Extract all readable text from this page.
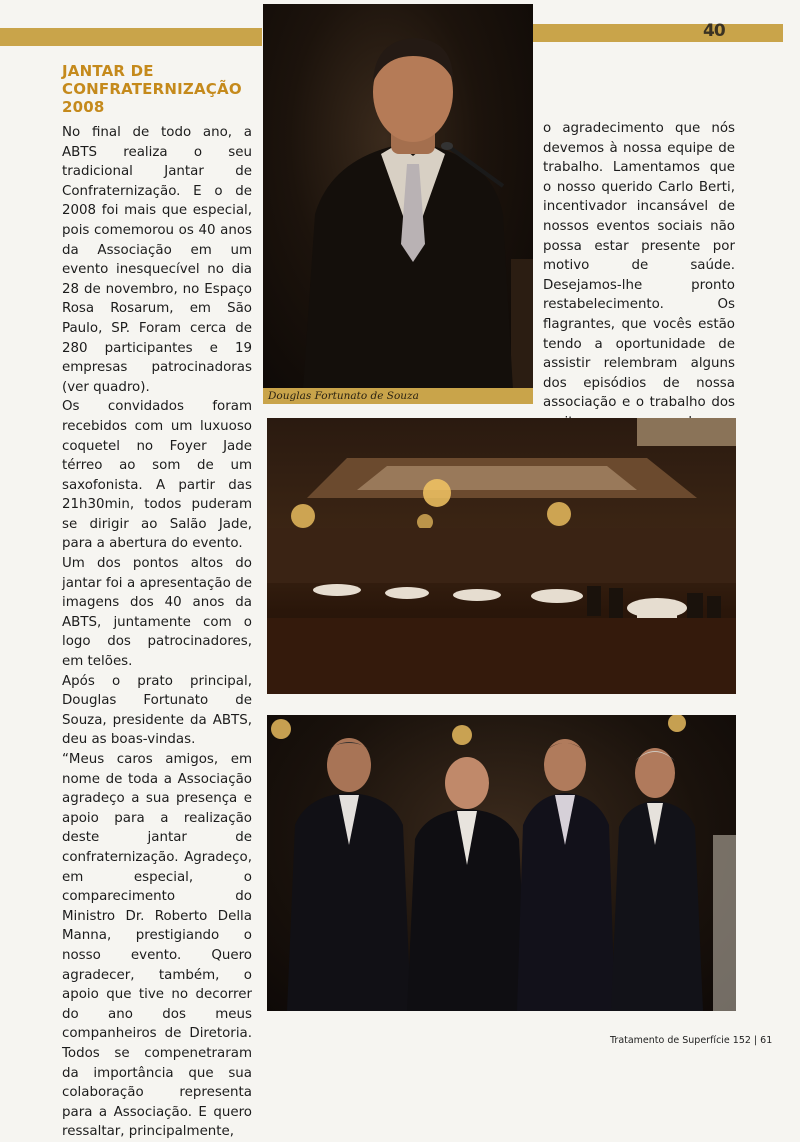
40
JANTAR DE
CONFRATERNIZAÇÃO 2008

No final de todo ano, a ABTS realiza o seu tradicional Jantar de Confraternização. E o de 2008 foi mais que especial, pois comemorou os 40 anos da Associação em um evento inesquecível no dia 28 de novembro, no Espaço Rosa Rosarum, em São Paulo, SP. Foram cerca de 280 participantes e 19 empresas patrocinadoras (ver quadro).

Os convidados foram recebidos com um luxuoso coquetel no Foyer Jade térreo ao som de um saxofonista. A partir das 21h30min, todos puderam se dirigir ao Salão Jade, para a abertura do evento.

Um dos pontos altos do jantar foi a apresentação de imagens dos 40 anos da ABTS, juntamente com o logo dos patrocinadores, em telões.

Após o prato principal, Douglas Fortunato de Souza, presidente da ABTS, deu as boas-vindas.

“Meus caros amigos, em nome de toda a Associação agradeço a sua presença e apoio para a realização deste jantar de confraternização. Agradeço, em especial, o comparecimento do Ministro Dr. Roberto Della Manna, prestigiando o nosso evento. Quero agradecer, também, o apoio que tive no decorrer do ano dos meus companheiros de Diretoria. Todos se compenetraram da importância que sua colaboração representa para a Associação. E quero ressaltar, principalmente,

Douglas Fortunato de Souza

o agradecimento que nós devemos à nossa equipe de trabalho. Lamentamos que o nosso querido Carlo Berti, incentivador incansável de nossos eventos sociais não possa estar presente por motivo de saúde. Desejamos-lhe pronto restabelecimento. Os flagrantes, que vocês estão tendo a oportunidade de assistir relembram alguns dos episódios de nossa associação e o trabalho dos

Tratamento de Superfície 152 | 61
